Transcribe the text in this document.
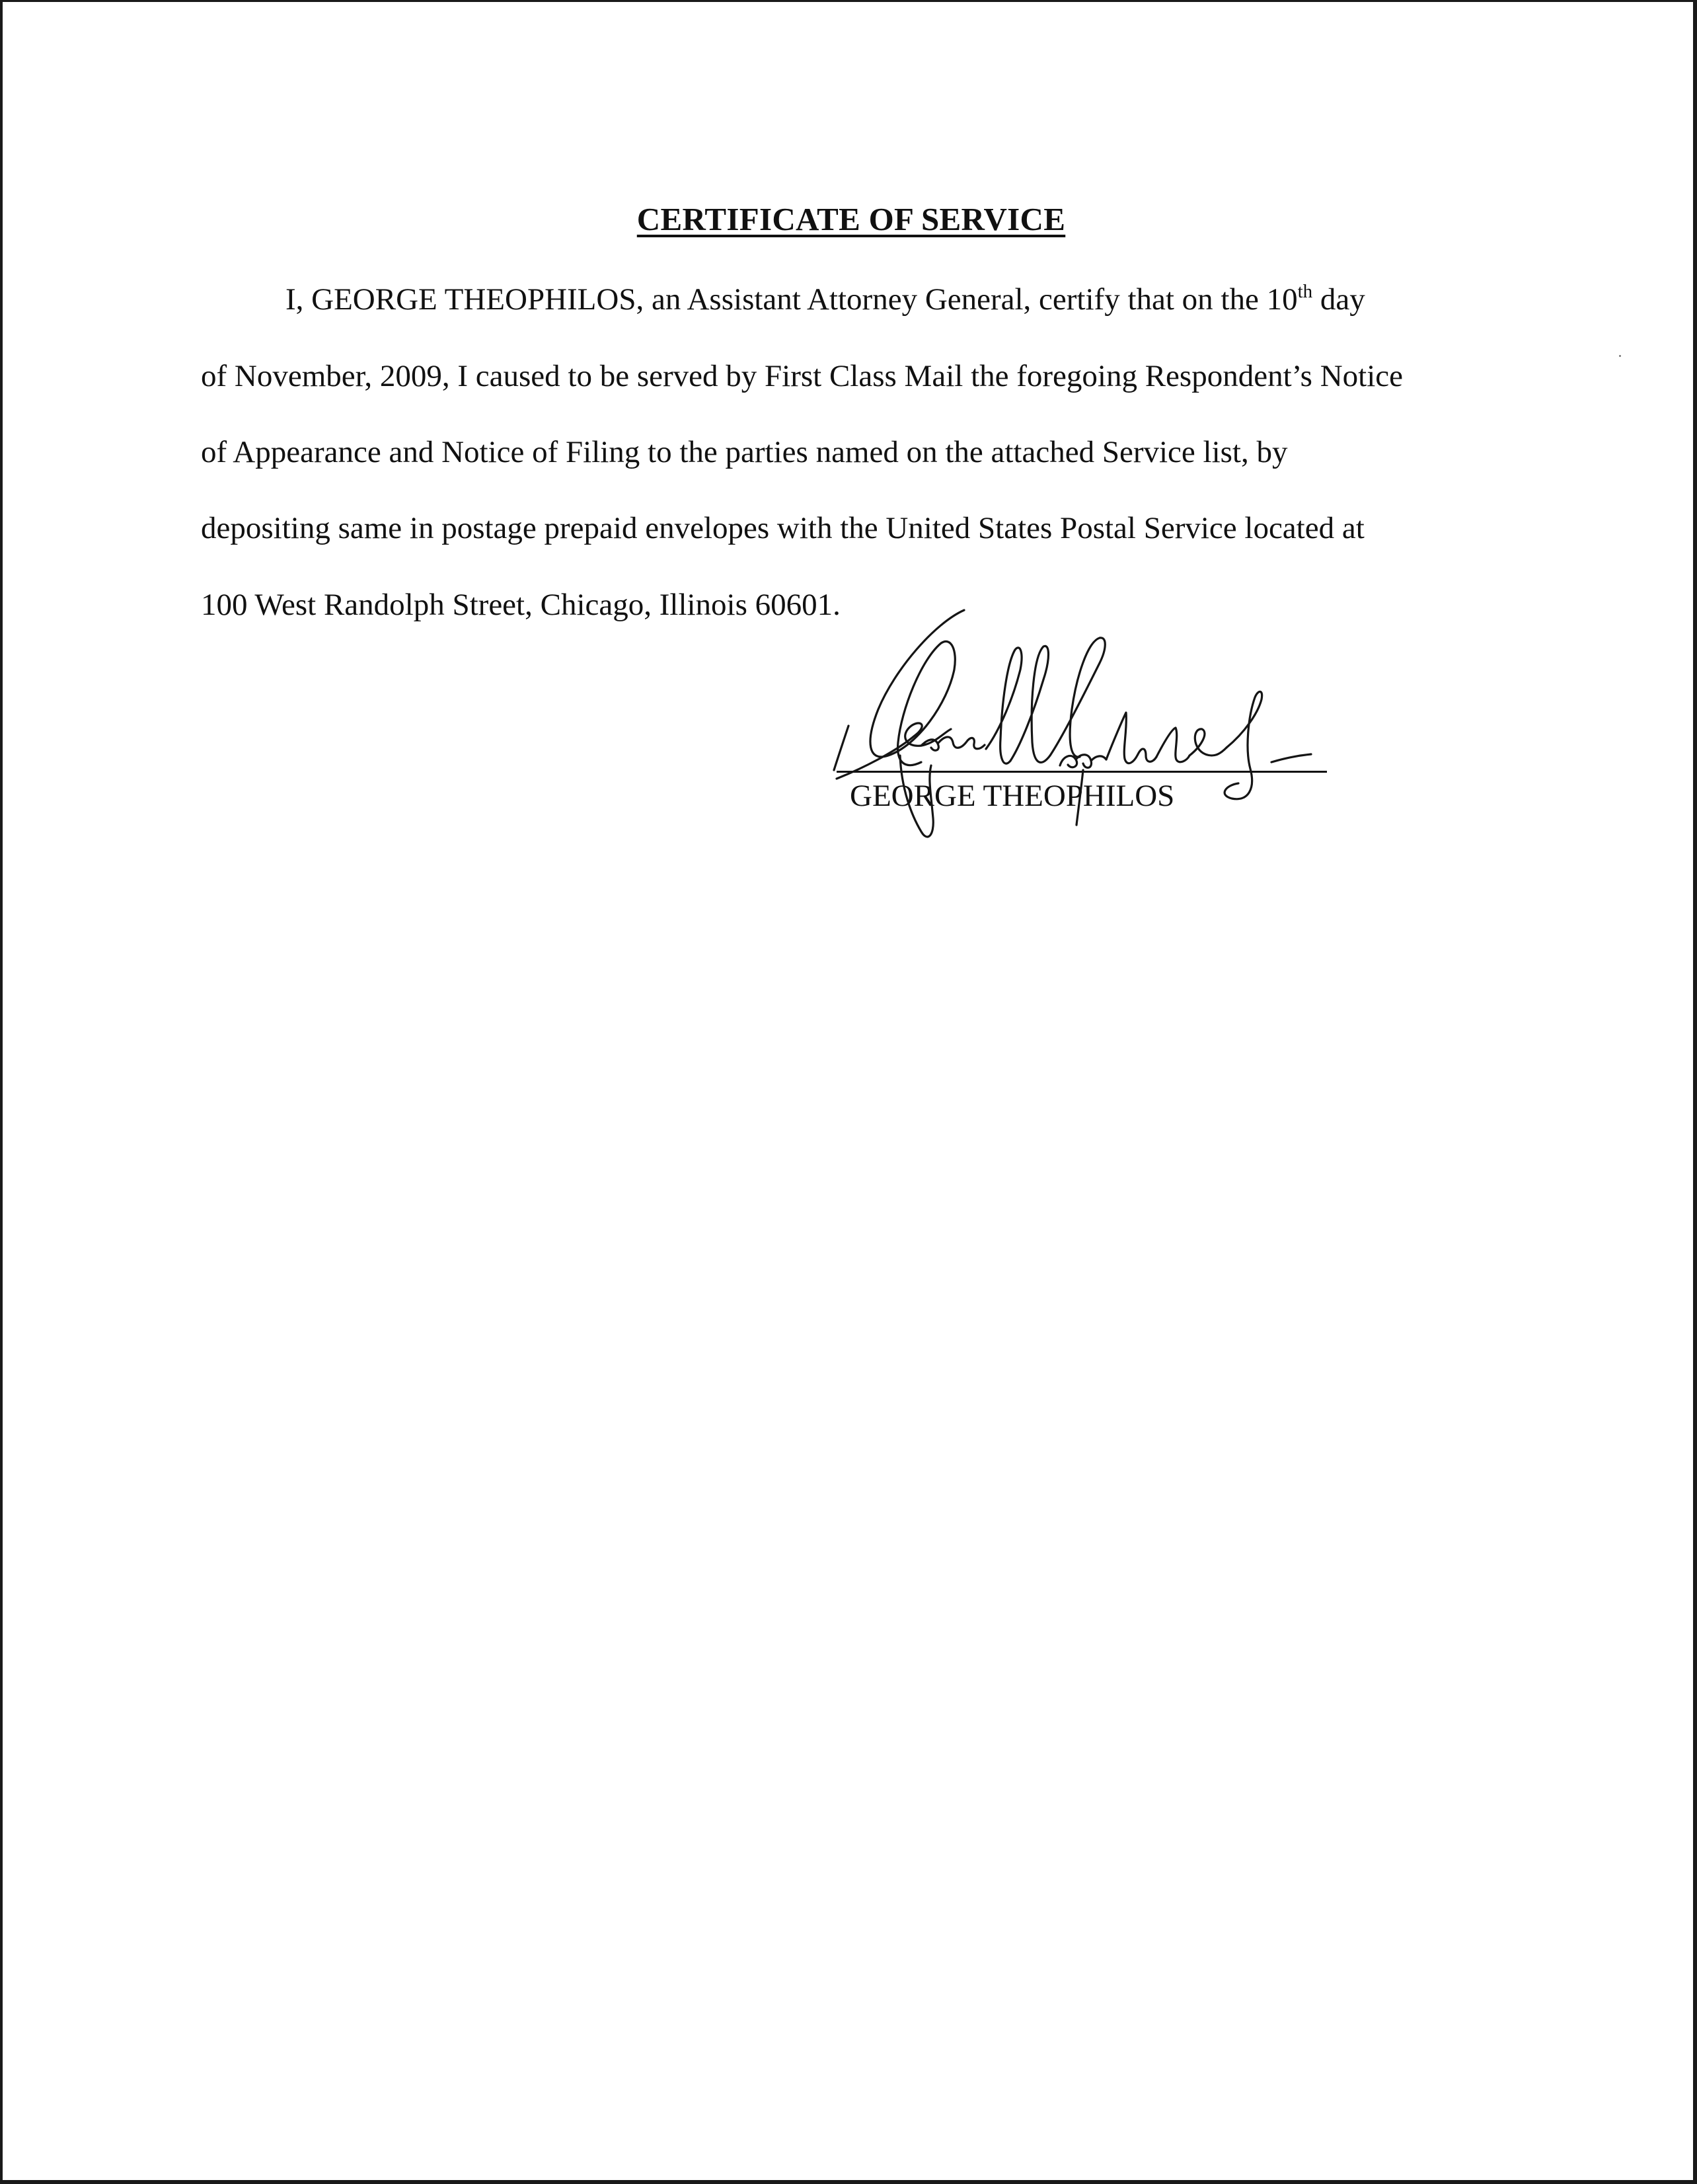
CERTIFICATE OF SERVICE

I, GEORGE THEOPHILOS, an Assistant Attorney General, certify that on the 10th day

of November, 2009, I caused to be served by First Class Mail the foregoing Respondent’s Notice

of Appearance and Notice of Filing to the parties named on the attached Service list, by

depositing same in postage prepaid envelopes with the United States Postal Service located at

100 West Randolph Street, Chicago, Illinois 60601.

GEORGE THEOPHILOS
